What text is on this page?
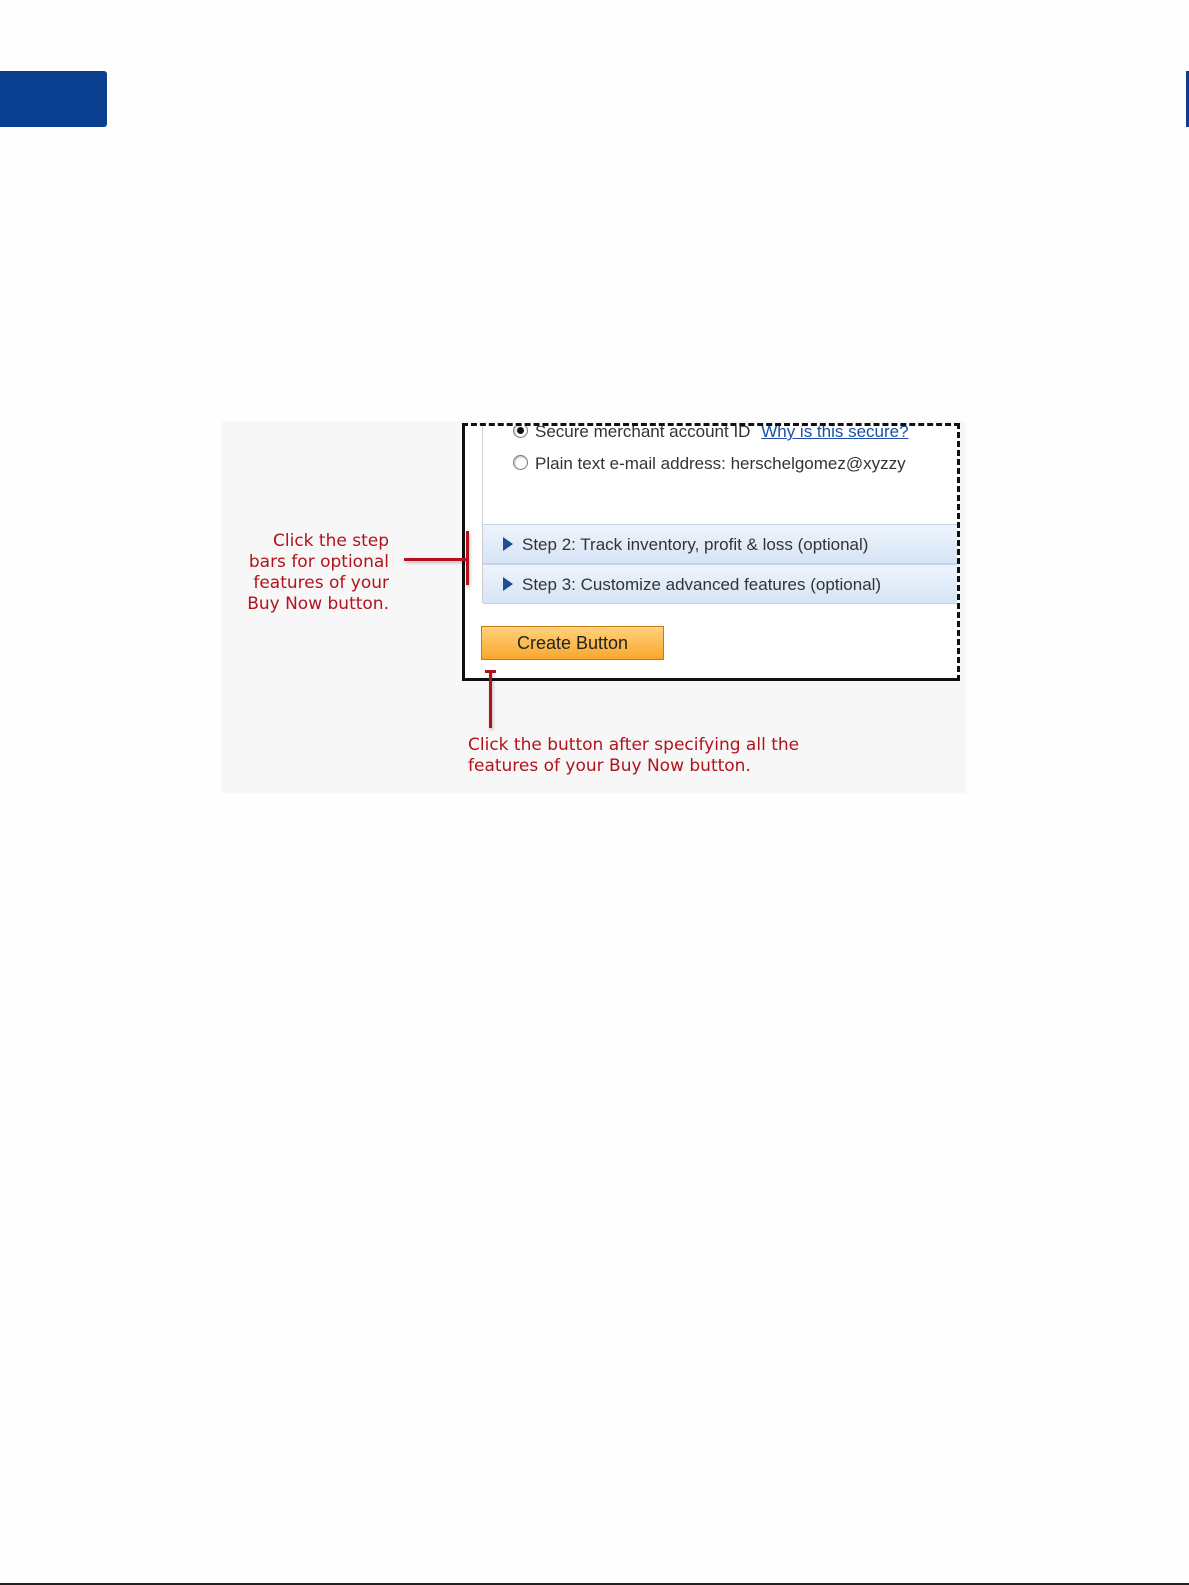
Secure merchant account ID Why is this secure?
Plain text e-mail address: herschelgomez@xyzzy
Step 2: Track inventory, profit & loss (optional)
Step 3: Customize advanced features (optional)
Create Button
Click the step
bars for optional
features of your
Buy Now button.
Click the button after specifying all the
features of your Buy Now button.
